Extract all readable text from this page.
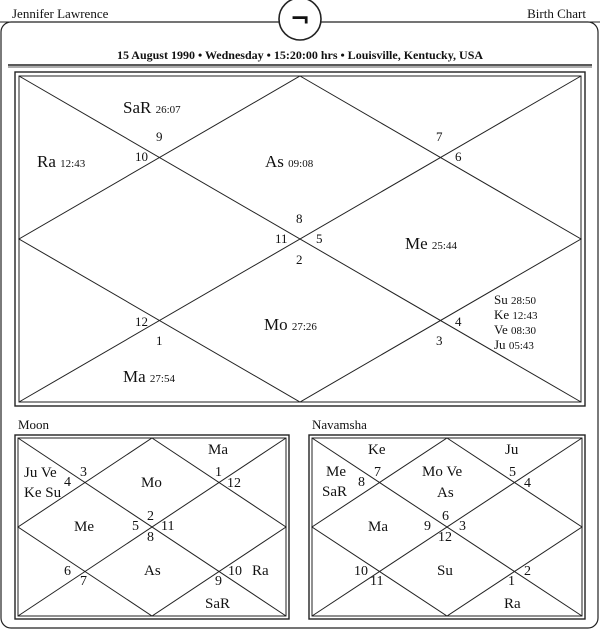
Jennifer Lawrence	Birth Chart
¬
15 August 1990 • Wednesday • 15:20:00 hrs • Louisville, Kentucky, USA
9
10
7
6
8
11 5
2
12
1
4
3
SaR 26:07
Ra 12:43	As 09:08
Me 25:44
Mo 27:26
Ma 27:54
Su 28:50
Ke 12:43
Ve 08:30
Ju 05:43
Moon
3
4
1
12
5
2
8
11
6
7	9
10
Ma
Ju Ve
Ke Su
Mo
Me
As	Ra
SaR
Navamsha
7
8
5
4
9
6
3
12
10
11
2
1
Ke	Ju
Me
SaR
Mo Ve
As
Ma
Su
Ra
